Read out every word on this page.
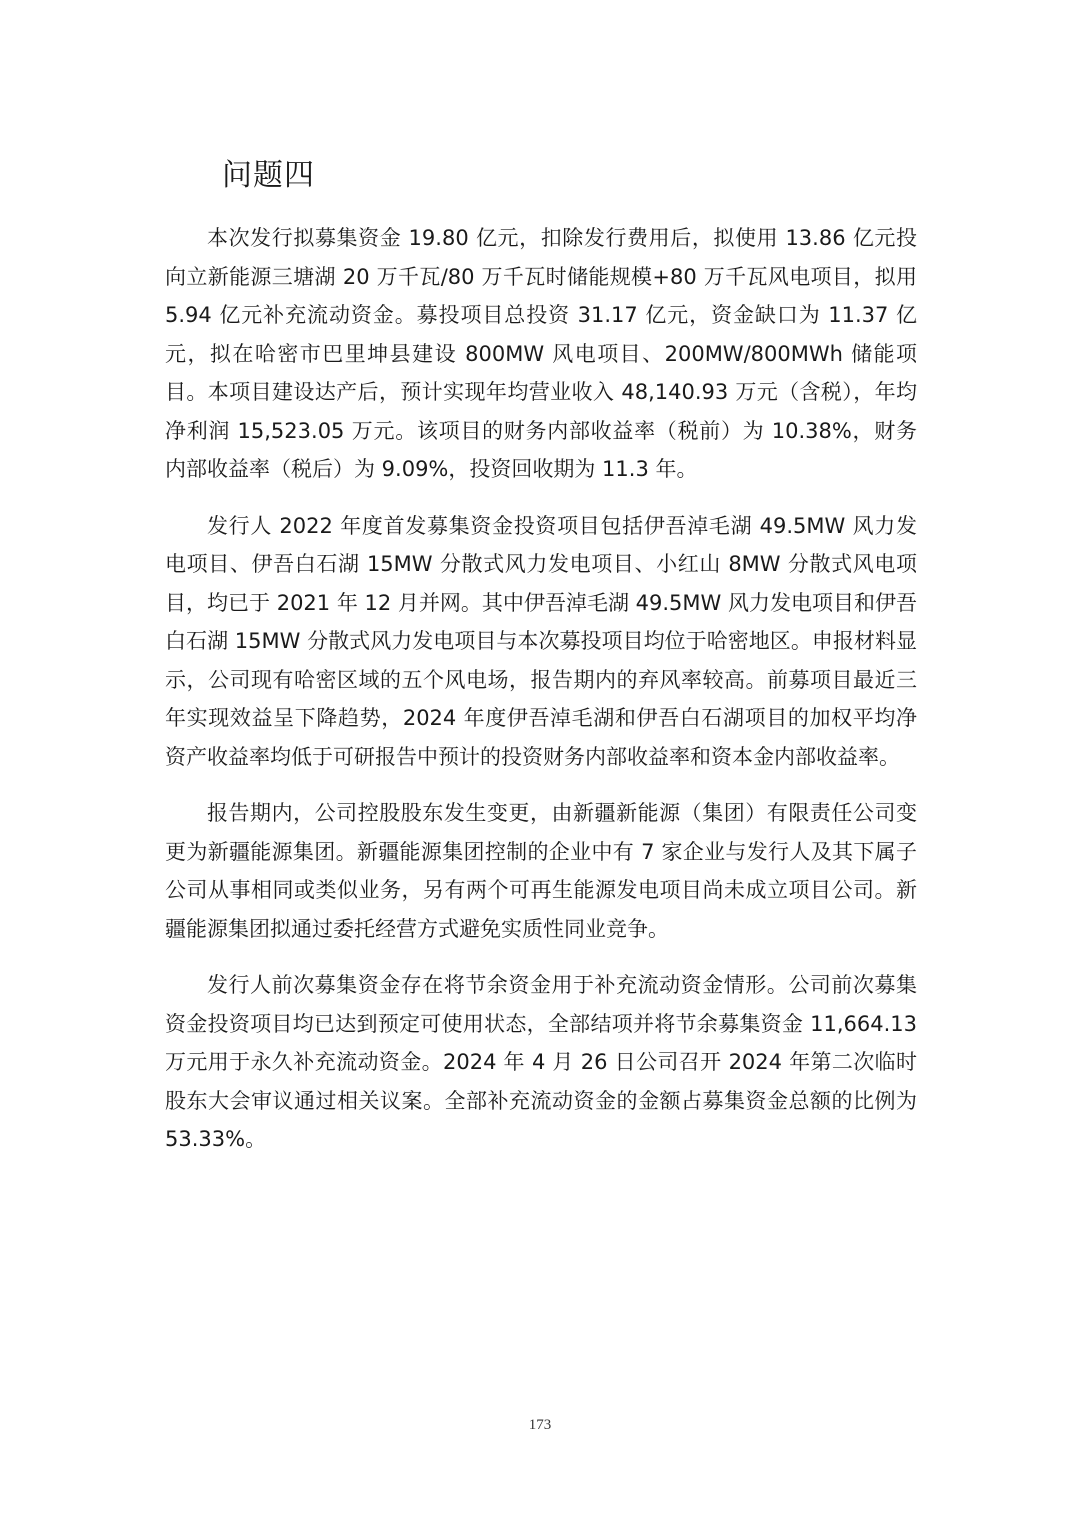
问题四

本次发行拟募集资金 19.80 亿元，扣除发行费用后，拟使用 13.86 亿元投向立新能源三塘湖 20 万千瓦/80 万千瓦时储能规模+80 万千瓦风电项目，拟用 5.94 亿元补充流动资金。募投项目总投资 31.17 亿元，资金缺口为 11.37 亿元，拟在哈密市巴里坤县建设 800MW 风电项目、200MW/800MWh 储能项目。本项目建设达产后，预计实现年均营业收入 48,140.93 万元（含税），年均净利润 15,523.05 万元。该项目的财务内部收益率（税前）为 10.38%，财务内部收益率（税后）为 9.09%，投资回收期为 11.3 年。

发行人 2022 年度首发募集资金投资项目包括伊吾淖毛湖 49.5MW 风力发电项目、伊吾白石湖 15MW 分散式风力发电项目、小红山 8MW 分散式风电项目，均已于 2021 年 12 月并网。其中伊吾淖毛湖 49.5MW 风力发电项目和伊吾白石湖 15MW 分散式风力发电项目与本次募投项目均位于哈密地区。申报材料显示，公司现有哈密区域的五个风电场，报告期内的弃风率较高。前募项目最近三年实现效益呈下降趋势，2024 年度伊吾淖毛湖和伊吾白石湖项目的加权平均净资产收益率均低于可研报告中预计的投资财务内部收益率和资本金内部收益率。

报告期内，公司控股股东发生变更，由新疆新能源（集团）有限责任公司变更为新疆能源集团。新疆能源集团控制的企业中有 7 家企业与发行人及其下属子公司从事相同或类似业务，另有两个可再生能源发电项目尚未成立项目公司。新疆能源集团拟通过委托经营方式避免实质性同业竞争。

发行人前次募集资金存在将节余资金用于补充流动资金情形。公司前次募集资金投资项目均已达到预定可使用状态，全部结项并将节余募集资金 11,664.13 万元用于永久补充流动资金。2024 年 4 月 26 日公司召开 2024 年第二次临时股东大会审议通过相关议案。全部补充流动资金的金额占募集资金总额的比例为 53.33%。

173
